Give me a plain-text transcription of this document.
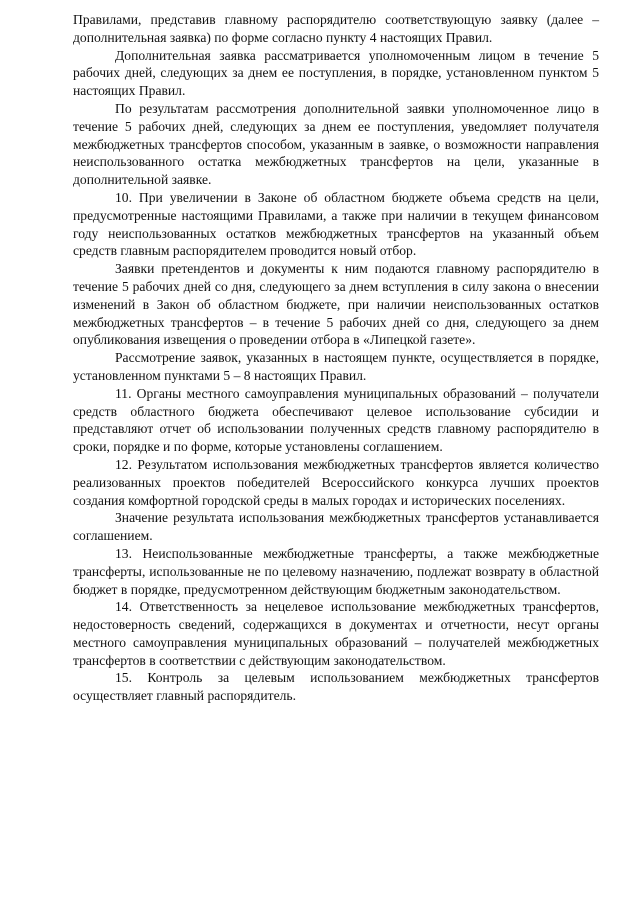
Правилами, представив главному распорядителю соответствующую заявку (далее – дополнительная заявка) по форме согласно пункту 4 настоящих Правил.

Дополнительная заявка рассматривается уполномоченным лицом в течение 5 рабочих дней, следующих за днем ее поступления, в порядке, установленном пунктом 5 настоящих Правил.

По результатам рассмотрения дополнительной заявки уполномоченное лицо в течение 5 рабочих дней, следующих за днем ее поступления, уведомляет получателя межбюджетных трансфертов способом, указанным в заявке, о возможности направления неиспользованного остатка межбюджетных трансфертов на цели, указанные в дополнительной заявке.

10. При увеличении в Законе об областном бюджете объема средств на цели, предусмотренные настоящими Правилами, а также при наличии в текущем финансовом году неиспользованных остатков межбюджетных трансфертов на указанный объем средств главным распорядителем проводится новый отбор.

Заявки претендентов и документы к ним подаются главному распорядителю в течение 5 рабочих дней со дня, следующего за днем вступления в силу закона о внесении изменений в Закон об областном бюджете, при наличии неиспользованных остатков межбюджетных трансфертов – в течение 5 рабочих дней со дня, следующего за днем опубликования извещения о проведении отбора в «Липецкой газете».

Рассмотрение заявок, указанных в настоящем пункте, осуществляется в порядке, установленном пунктами 5 – 8 настоящих Правил.

11. Органы местного самоуправления муниципальных образований – получатели средств областного бюджета обеспечивают целевое использование субсидии и представляют отчет об использовании полученных средств главному распорядителю в сроки, порядке и по форме, которые установлены соглашением.

12. Результатом использования межбюджетных трансфертов является количество реализованных проектов победителей Всероссийского конкурса лучших проектов создания комфортной городской среды в малых городах и исторических поселениях.

Значение результата использования межбюджетных трансфертов устанавливается соглашением.

13. Неиспользованные межбюджетные трансферты, а также межбюджетные трансферты, использованные не по целевому назначению, подлежат возврату в областной бюджет в порядке, предусмотренном действующим бюджетным законодательством.

14. Ответственность за нецелевое использование межбюджетных трансфертов, недостоверность сведений, содержащихся в документах и отчетности, несут органы местного самоуправления муниципальных образований – получателей межбюджетных трансфертов в соответствии с действующим законодательством.

15. Контроль за целевым использованием межбюджетных трансфертов осуществляет главный распорядитель.
